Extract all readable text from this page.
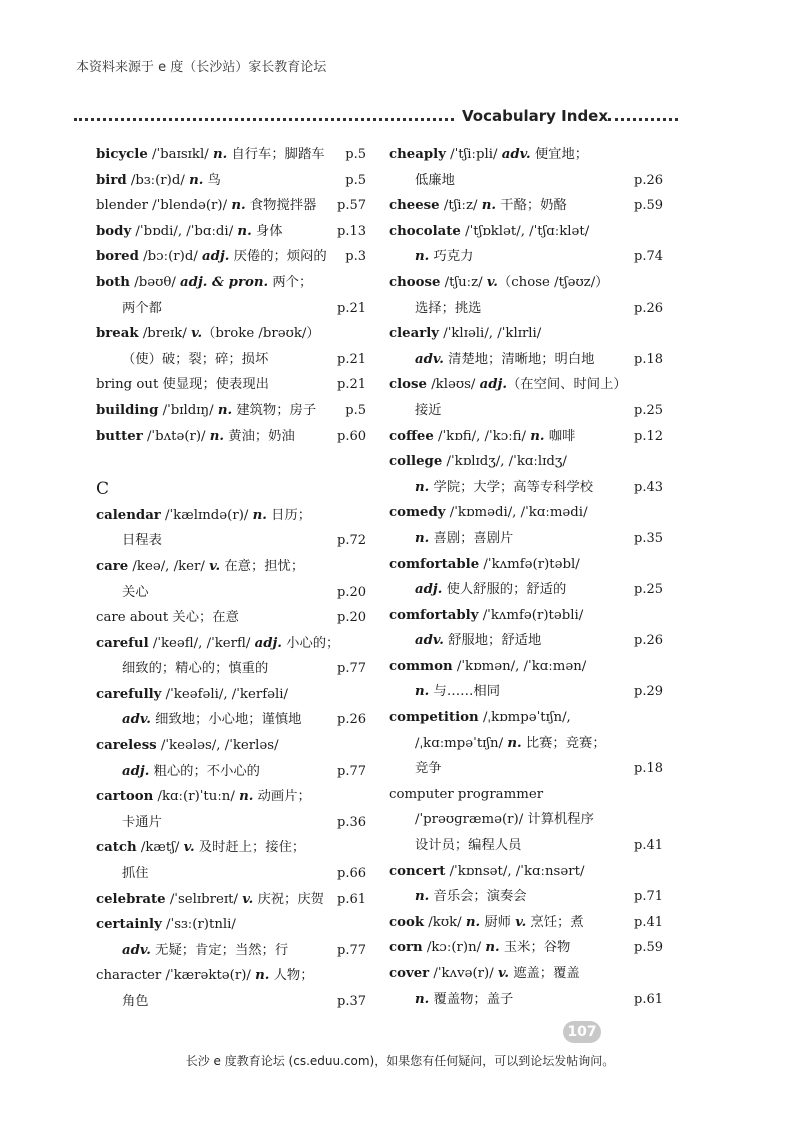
本资料来源于 e 度（长沙站）家长教育论坛
Vocabulary Index
bicycle /ˈbaɪsɪkl/ n. 自行车；脚踏车 p.5
bird /bɜː(r)d/ n. 鸟	p.5
blender /ˈblendə(r)/ n. 食物搅拌器 p.57
body /ˈbɒdi/, /ˈbɑːdi/ n. 身体	p.13
bored /bɔː(r)d/ adj. 厌倦的；烦闷的 p.3
both /bəʊθ/ adj. & pron. 两个；
两个都	p.21
break /breɪk/ v.（broke /brəʊk/）
（使）破；裂；碎；损坏	p.21
bring out 使显现；使表现出	p.21
building /ˈbɪldɪŋ/ n. 建筑物；房子 p.5
butter /ˈbʌtə(r)/ n. 黄油；奶油	p.60
C
calendar /ˈkælɪndə(r)/ n. 日历；
日程表	p.72
care /keə/, /ker/ v. 在意；担忧；
关心	p.20
care about 关心；在意	p.20
careful /ˈkeəfl/, /ˈkerfl/ adj. 小心的；
细致的；精心的；慎重的	p.77
carefully /ˈkeəfəli/, /ˈkerfəli/
adv. 细致地；小心地；谨慎地	p.26
careless /ˈkeələs/, /ˈkerləs/
adj. 粗心的；不小心的	p.77
cartoon /kɑː(r)ˈtuːn/ n. 动画片；
卡通片	p.36
catch /kætʃ/ v. 及时赶上；接住；
抓住	p.66
celebrate /ˈselɪbreɪt/ v. 庆祝；庆贺 p.61
certainly /ˈsɜː(r)tnli/
adv. 无疑；肯定；当然；行	p.77
character /ˈkærəktə(r)/ n. 人物；
角色	p.37
cheaply /ˈtʃiːpli/ adv. 便宜地；
低廉地	p.26
cheese /tʃiːz/ n. 干酪；奶酪	p.59
chocolate /ˈtʃɒklət/, /ˈtʃɑːklət/
n. 巧克力	p.74
choose /tʃuːz/ v.（chose /tʃəʊz/）
选择；挑选	p.26
clearly /ˈklɪəli/, /ˈklɪrli/
adv. 清楚地；清晰地；明白地	p.18
close /kləʊs/ adj.（在空间、时间上）
接近	p.25
coffee /ˈkɒfi/, /ˈkɔːfi/ n. 咖啡	p.12
college /ˈkɒlɪdʒ/, /ˈkɑːlɪdʒ/
n. 学院；大学；高等专科学校	p.43
comedy /ˈkɒmədi/, /ˈkɑːmədi/
n. 喜剧；喜剧片	p.35
comfortable /ˈkʌmfə(r)təbl/
adj. 使人舒服的；舒适的	p.25
comfortably /ˈkʌmfə(r)təbli/
adv. 舒服地；舒适地	p.26
common /ˈkɒmən/, /ˈkɑːmən/
n. 与……相同	p.29
competition /ˌkɒmpəˈtɪʃn/,
/ˌkɑːmpəˈtɪʃn/ n. 比赛；竞赛；
竞争	p.18
computer programmer
/ˈprəʊɡræmə(r)/ 计算机程序
设计员；编程人员	p.41
concert /ˈkɒnsət/, /ˈkɑːnsərt/
n. 音乐会；演奏会	p.71
cook /kʊk/ n. 厨师 v. 烹饪；煮	p.41
corn /kɔː(r)n/ n. 玉米；谷物	p.59
cover /ˈkʌvə(r)/ v. 遮盖；覆盖
n. 覆盖物；盖子	p.61
107
长沙 e 度教育论坛 (cs.eduu.com)，如果您有任何疑问，可以到论坛发帖询问。
